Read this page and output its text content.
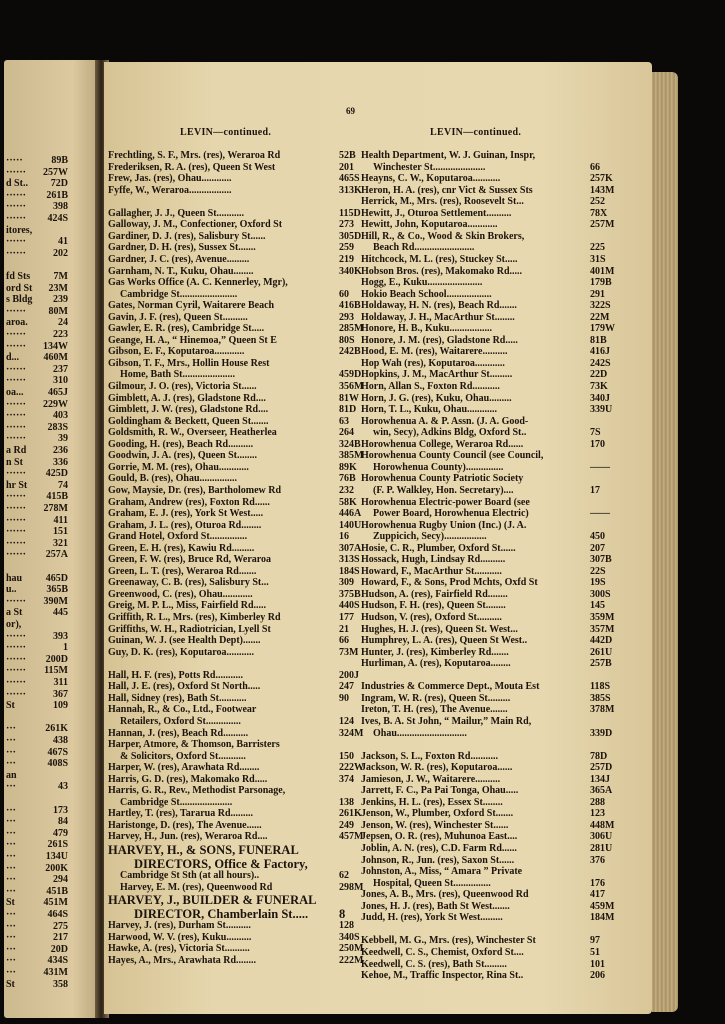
·····	89B
······ 257W
d St.. 72D
······ 261B
······	398
······ 424S
itores,
······	41
······	202
fd Sts 7M
ord St 23M
s Bldg 239
······ 80M
aroa.	24
······	223
······ 134W
d... 460M
······	237
······	310
oa... 465J
······ 229W
······	403
······ 283S
······	39
a Rd	236
n St	336
······ 425D
hr St	74
······ 415B
······ 278M
······	411
······	151
······	321
······ 257A
hau 465D
u..	365B
······ 390M
a St	445
or),
······	393
······	1
······ 200D
······ 115M
······	311
······	367
St	109
···	261K
···	438
···	467S
···	408S
an
···	43
···	173
···	84
···	479
···	261S
···	134U
···	200K
···	294
···	451B
St	451M
···	464S
···	275
···	217
···	20D
···	434S
···	431M
St	358
69
LEVIN—continued.	LEVIN—continued.
Frechtling, S. F., Mrs. (res), Weraroa Rd	52B
Frederiksen, R. A. (res), Queen St West	201
Frew, Jas. (res), Ohau............	465S
Fyffe, W., Weraroa.................	313K
Gallagher, J. J., Queen St...........	115D
Galloway, J. M., Confectioner, Oxford St	273
Gardiner, D. J. (res), Salisbury St......	305D
Gardner, D. H. (res), Sussex St.......	259
Gardner, J. C. (res), Avenue.........	219
Garnham, N. T., Kuku, Ohau........	340K
Gas Works Office (A. C. Kennerley, Mgr),
Cambridge St.......................	60
Gates, Norman Cyril, Waitarere Beach	416B
Gavin, J. F. (res), Queen St..........	293
Gawler, E. R. (res), Cambridge St.....	285M
Geange, H. A., “ Hinemoa,” Queen St E	80S
Gibson, E. F., Koputaroa............	242B
Gibson, T. F., Mrs., Hollin House Rest
Home, Bath St.....................	459D
Gilmour, J. O. (res), Victoria St......	356M
Gimblett, A. J. (res), Gladstone Rd....	81W
Gimblett, J. W. (res), Gladstone Rd....	81D
Goldingham & Beckett, Queen St.......	63
Goldsmith, R. W., Overseer, Heatherlea	264
Gooding, H. (res), Beach Rd..........	324B
Goodwin, J. A. (res), Queen St........	385M
Gorrie, M. M. (res), Ohau............	89K
Gould, B. (res), Ohau...............	76B
Gow, Maysie, Dr. (res), Bartholomew Rd	232
Graham, Andrew (res), Foxton Rd......	58K
Graham, E. J. (res), York St West.....	446A
Graham, J. L. (res), Oturoa Rd........	140U
Grand Hotel, Oxford St...............	16
Green, E. H. (res), Kawiu Rd.........	307A
Green, F. W. (res), Bruce Rd, Weraroa	313S
Green, L. T. (res), Weraroa Rd.......	184S
Greenaway, C. B. (res), Salisbury St...	309
Greenwood, C. (res), Ohau............	375B
Greig, M. P. L., Miss, Fairfield Rd.....	440S
Griffith, R. L., Mrs. (res), Kimberley Rd	177
Griffiths, W. H., Radiotrician, Lyell St	21
Guinan, W. J. (see Health Dept).......	66
Guy, D. K. (res), Koputaroa...........	73M
Hall, H. F. (res), Potts Rd...........	200J
Hall, J. E. (res), Oxford St North.....	247
Hall, Sidney (res), Bath St...........	90
Hannah, R., & Co., Ltd., Footwear
Retailers, Oxford St..............	124
Hannan, J. (res), Beach Rd..........	324M
Harper, Atmore, & Thomson, Barristers
& Solicitors, Oxford St...........	150
Harper, W. (res), Arawhata Rd........	222W
Harris, G. D. (res), Makomako Rd.....	374
Harris, G. R., Rev., Methodist Parsonage,
Cambridge St.....................	138
Hartley, T. (res), Tararua Rd.........	261K
Haristonge, D. (res), The Avenue......	249
Harvey, H., Jun. (res), Weraroa Rd....	457M
HARVEY, H., & SONS, FUNERAL
DIRECTORS, Office & Factory,
Cambridge St Sth (at all hours)..	62
Harvey, E. M. (res), Queenwood Rd	298M
HARVEY, J., BUILDER & FUNERAL
DIRECTOR, Chamberlain St..... 8
Harvey, J. (res), Durham St..........	128
Harwood, W. V. (res), Kuku..........	340S
Hawke, A. (res), Victoria St..........	250M
Hayes, A., Mrs., Arawhata Rd........	222M
Health Department, W. J. Guinan, Inspr,
Winchester St.....................	66
Heayns, C. W., Koputaroa...........	257K
Heron, H. A. (res), cnr Vict & Sussex Sts	143M
Herrick, M., Mrs. (res), Roosevelt St...	252
Hewitt, J., Oturoa Settlement..........	78X
Hewitt, John, Koputaroa............	257M
Hill, R., & Co., Wood & Skin Brokers,
Beach Rd........................	225
Hitchcock, M. L. (res), Stuckey St.....	31S
Hobson Bros. (res), Makomako Rd.....	401M
Hogg, E., Kuku......................	179B
Hokio Beach School..................	291
Holdaway, H. N. (res), Beach Rd.......	322S
Holdaway, J. H., MacArthur St........	22M
Honore, H. B., Kuku.................	179W
Honore, J. M. (res), Gladstone Rd.....	81B
Hood, E. M. (res), Waitarere..........	416J
Hop Wah (res), Koputaroa............	242S
Hopkins, J. M., MacArthur St.........	22D
Horn, Allan S., Foxton Rd...........	73K
Horn, J. G. (res), Kuku, Ohau.........	340J
Horn, T. L., Kuku, Ohau............	339U
Horowhenua A. & P. Assn. (J. A. Good-
win, Secy), Adkins Bldg, Oxford St..	7S
Horowhenua College, Weraroa Rd......	170
Horowhenua County Council (see Council,
Horowhenua County)...............	——
Horowhenua County Patriotic Society
(F. P. Walkley, Hon. Secretary)....	17
Horowhenua Electric-power Board (see
Power Board, Horowhenua Electric)	——
Horowhenua Rugby Union (Inc.) (J. A.
Zuppicich, Secy).................	450
Hosie, C. R., Plumber, Oxford St......	207
Hossack, Hugh, Lindsay Rd..........	307B
Howard, F., MacArthur St...........	22S
Howard, F., & Sons, Prod Mchts, Oxfd St	19S
Hudson, A. (res), Fairfield Rd........	300S
Hudson, F. H. (res), Queen St........	145
Hudson, V. (res), Oxford St..........	359M
Hughes, H. J. (res), Queen St. West...	357M
Humphrey, L. A. (res), Queen St West..	442D
Hunter, J. (res), Kimberley Rd.......	261U
Hurliman, A. (res), Koputaroa........	257B
Industries & Commerce Dept., Mouta Est	118S
Ingram, W. R. (res), Queen St.........	385S
Ireton, T. H. (res), The Avenue.......	378M
Ives, B. A. St John, “ Mailur,” Main Rd,
Ohau............................	339D
Jackson, S. L., Foxton Rd...........	78D
Jackson, W. R. (res), Koputaroa......	257D
Jamieson, J. W., Waitarere..........	134J
Jarrett, F. C., Pa Pai Tonga, Ohau.....	365A
Jenkins, H. L. (res), Essex St........	288
Jenson, W., Plumber, Oxford St.......	123
Jenson, W. (res), Winchester St......	448M
Jepsen, O. R. (res), Muhunoa East....	306U
Joblin, A. N. (res), C.D. Farm Rd......	281U
Johnson, R., Jun. (res), Saxon St......	376
Johnston, A., Miss, “ Amara ” Private
Hospital, Queen St...............	176
Jones, A. B., Mrs. (res), Queenwood Rd	417
Jones, H. J. (res), Bath St West.......	459M
Judd, H. (res), York St West.........	184M
Kebbell, M. G., Mrs. (res), Winchester St	97
Keedwell, C. S., Chemist, Oxford St....	51
Keedwell, C. S. (res), Bath St.........	101
Kehoe, M., Traffic Inspector, Rina St..	206
